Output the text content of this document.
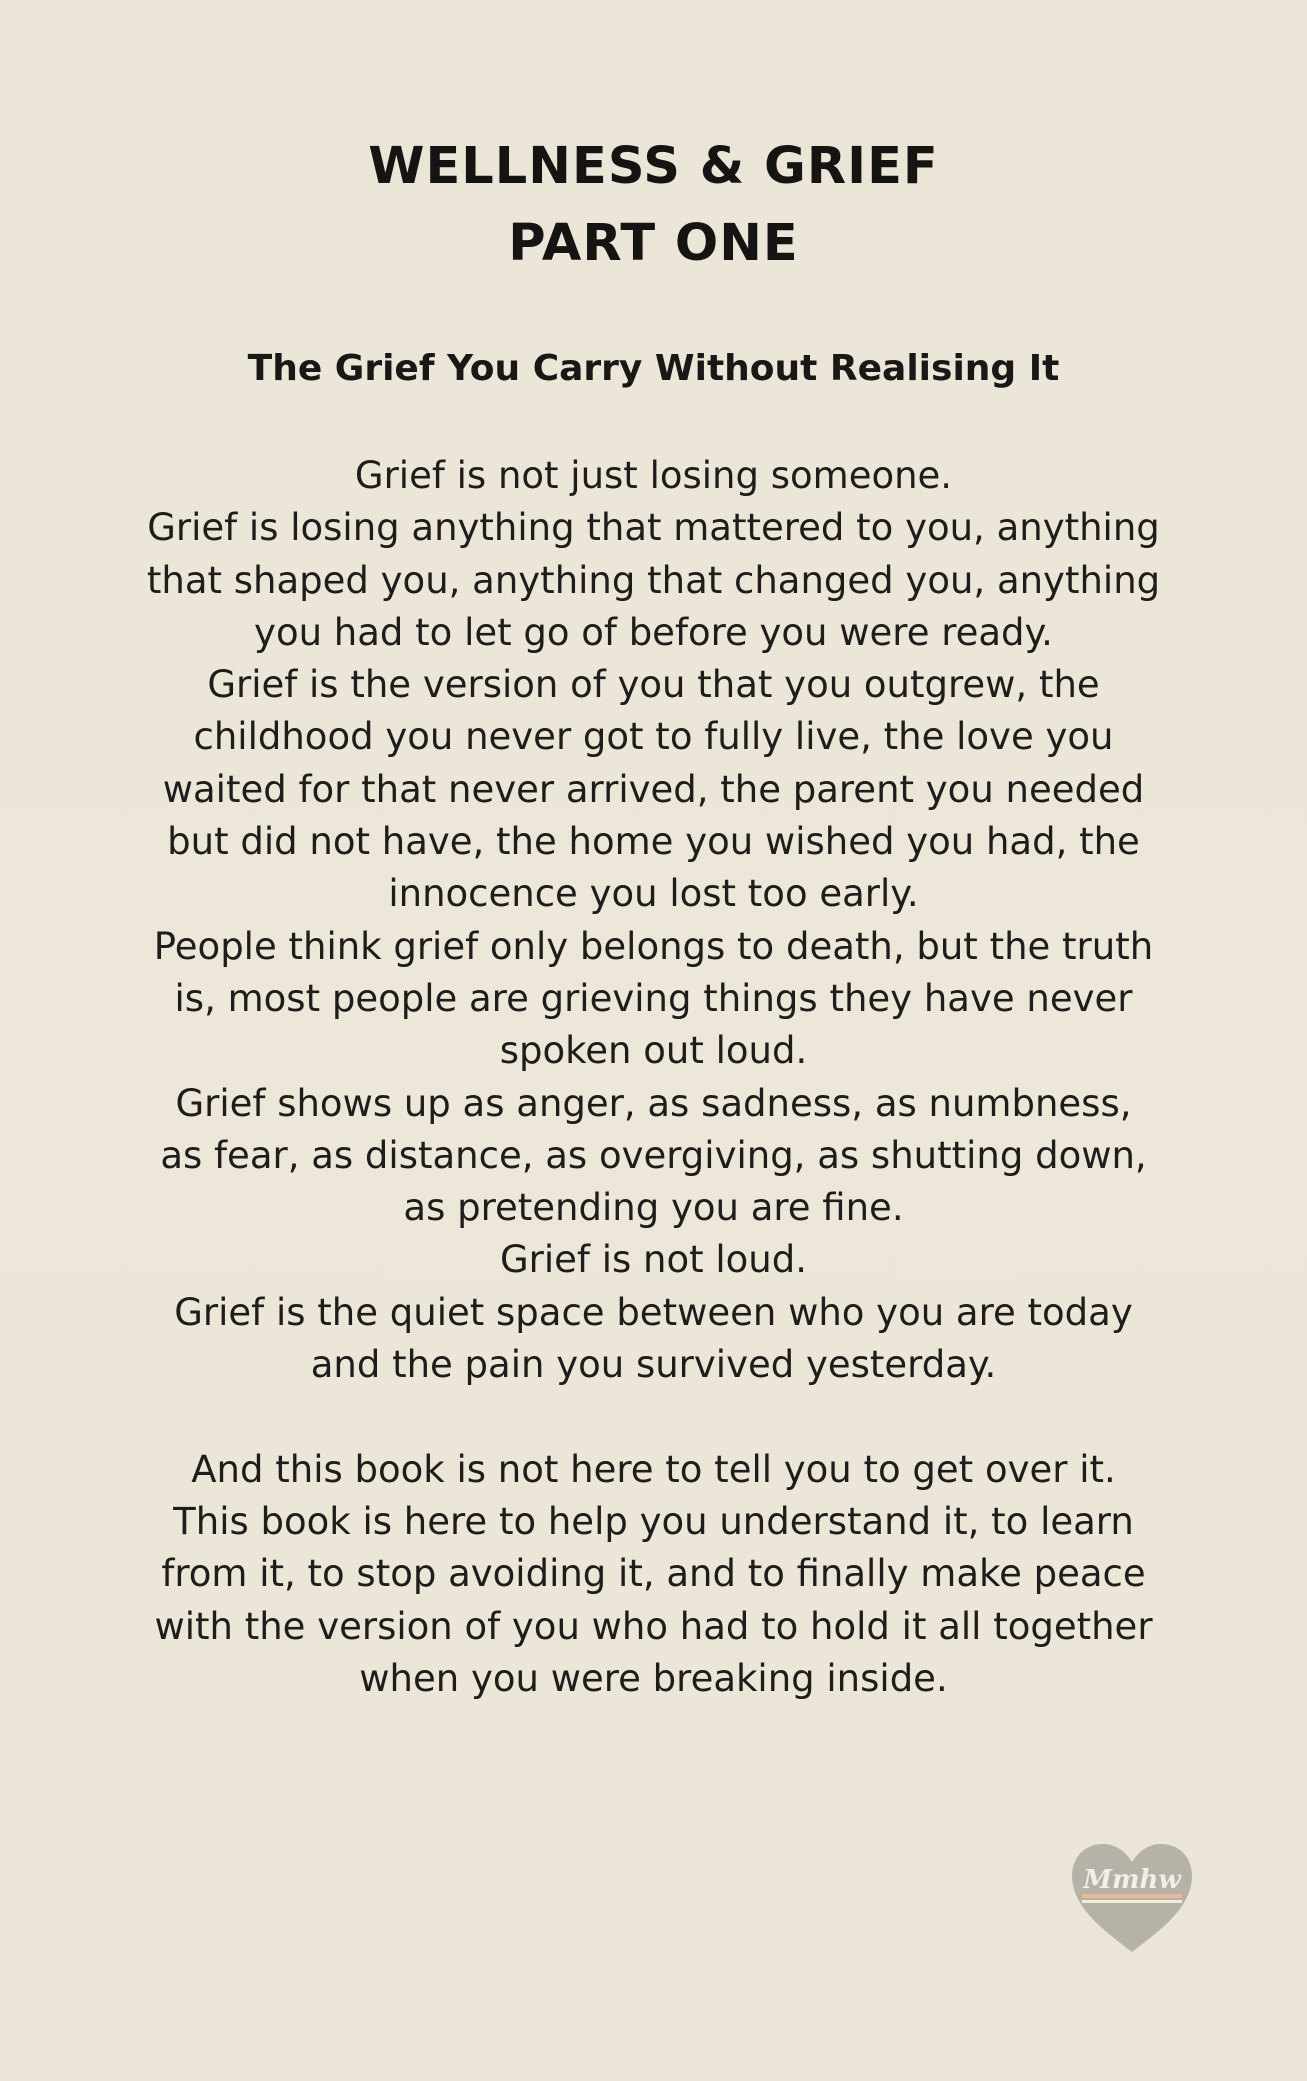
WELLNESS & GRIEF
PART ONE
The Grief You Carry Without Realising It
Grief is not just losing someone.
Grief is losing anything that mattered to you, anything
that shaped you, anything that changed you, anything
you had to let go of before you were ready.
Grief is the version of you that you outgrew, the
childhood you never got to fully live, the love you
waited for that never arrived, the parent you needed
but did not have, the home you wished you had, the
innocence you lost too early.
People think grief only belongs to death, but the truth
is, most people are grieving things they have never
spoken out loud.
Grief shows up as anger, as sadness, as numbness,
as fear, as distance, as overgiving, as shutting down,
as pretending you are fine.
Grief is not loud.
Grief is the quiet space between who you are today
and the pain you survived yesterday.
And this book is not here to tell you to get over it.
This book is here to help you understand it, to learn
from it, to stop avoiding it, and to finally make peace
with the version of you who had to hold it all together
when you were breaking inside.
Mmhw
